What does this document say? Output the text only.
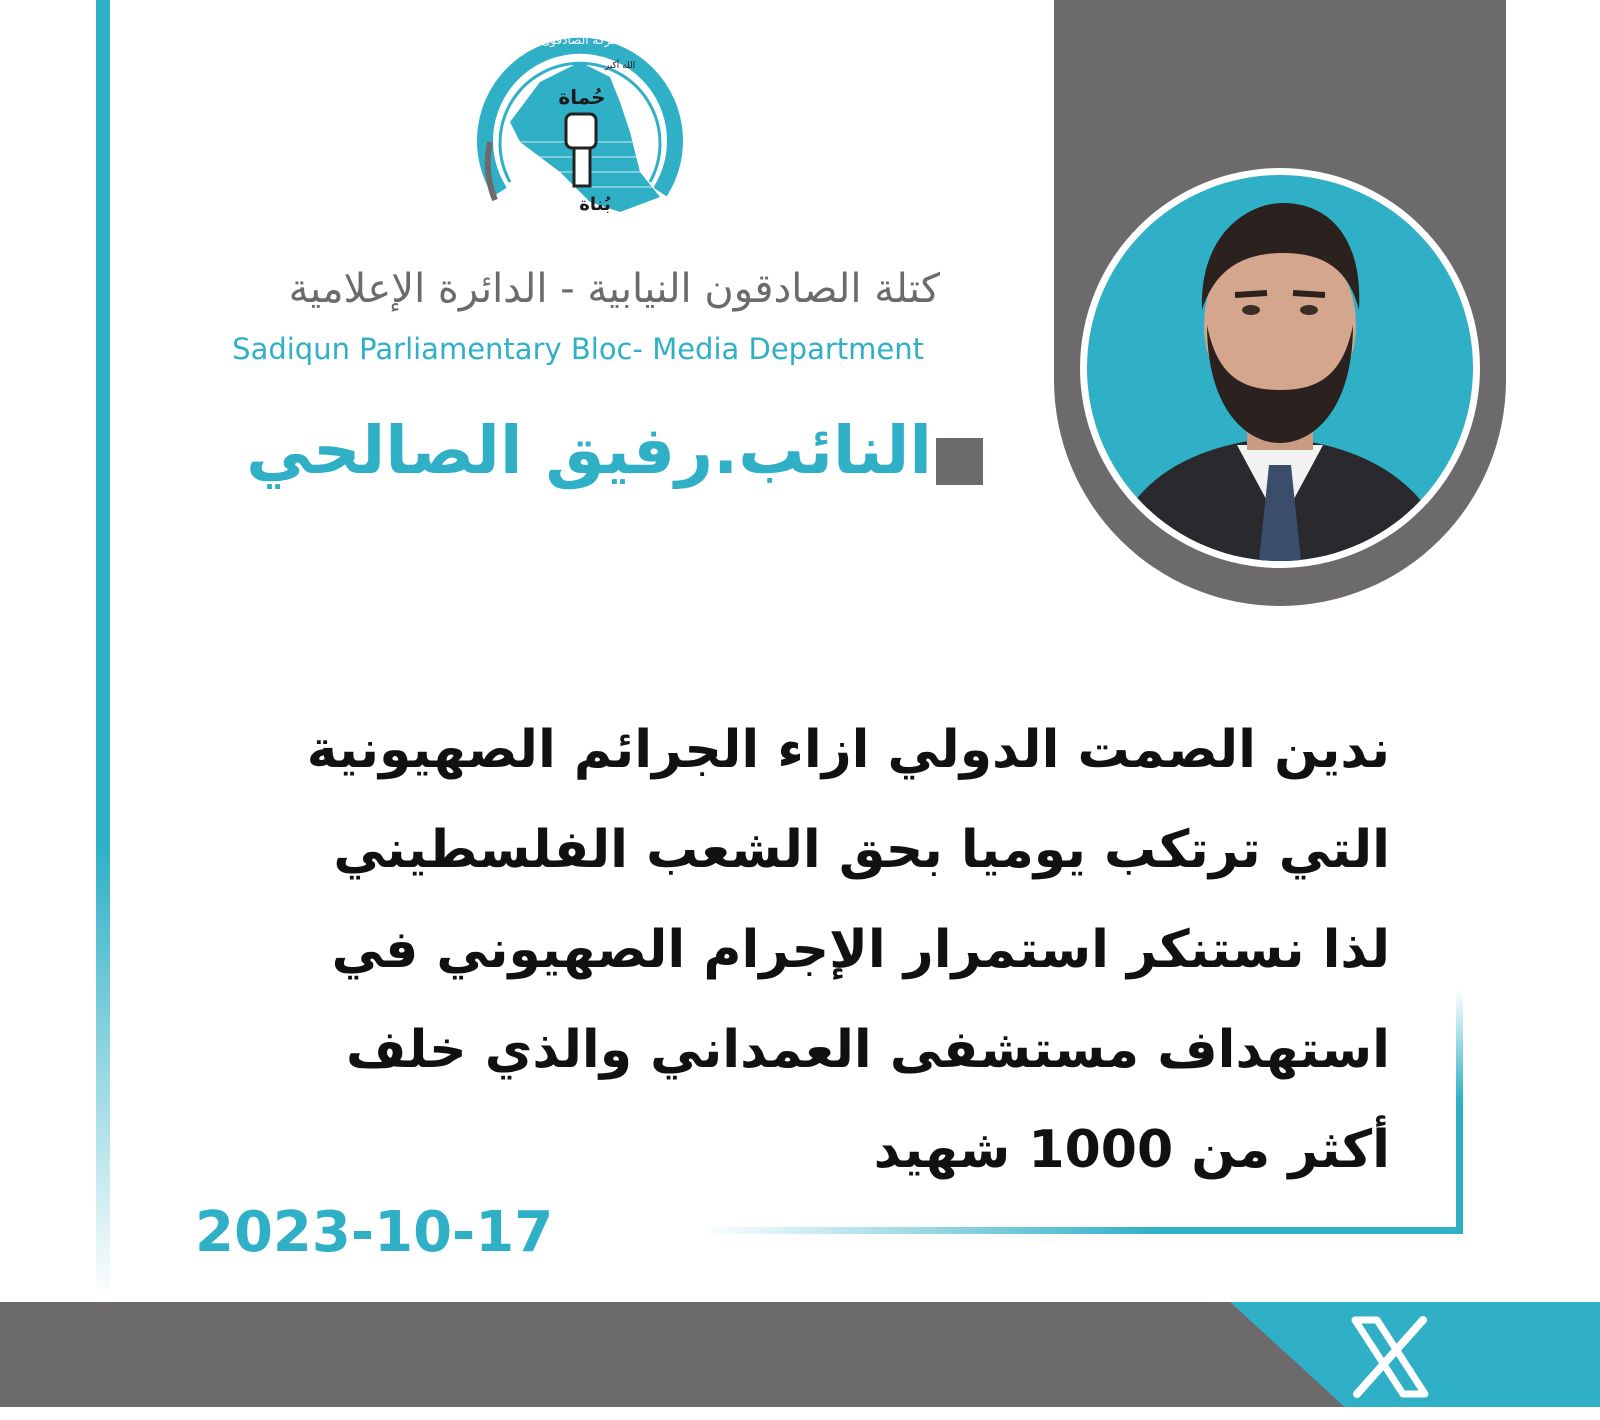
حُماة
بُناة
حركة الصادقون
الله أكبر
كتلة الصادقون النيابية - الدائرة الإعلامية
Sadiqun Parliamentary Bloc- Media Department
النائب.رفيق الصالحي
ندين الصمت الدولي ازاء الجرائم الصهيونية
التي ترتكب يوميا بحق الشعب الفلسطيني
لذا نستنكر استمرار الإجرام الصهيوني في
استهداف مستشفى العمداني والذي خلف
أكثر من 1000 شهيد
2023-10-17
